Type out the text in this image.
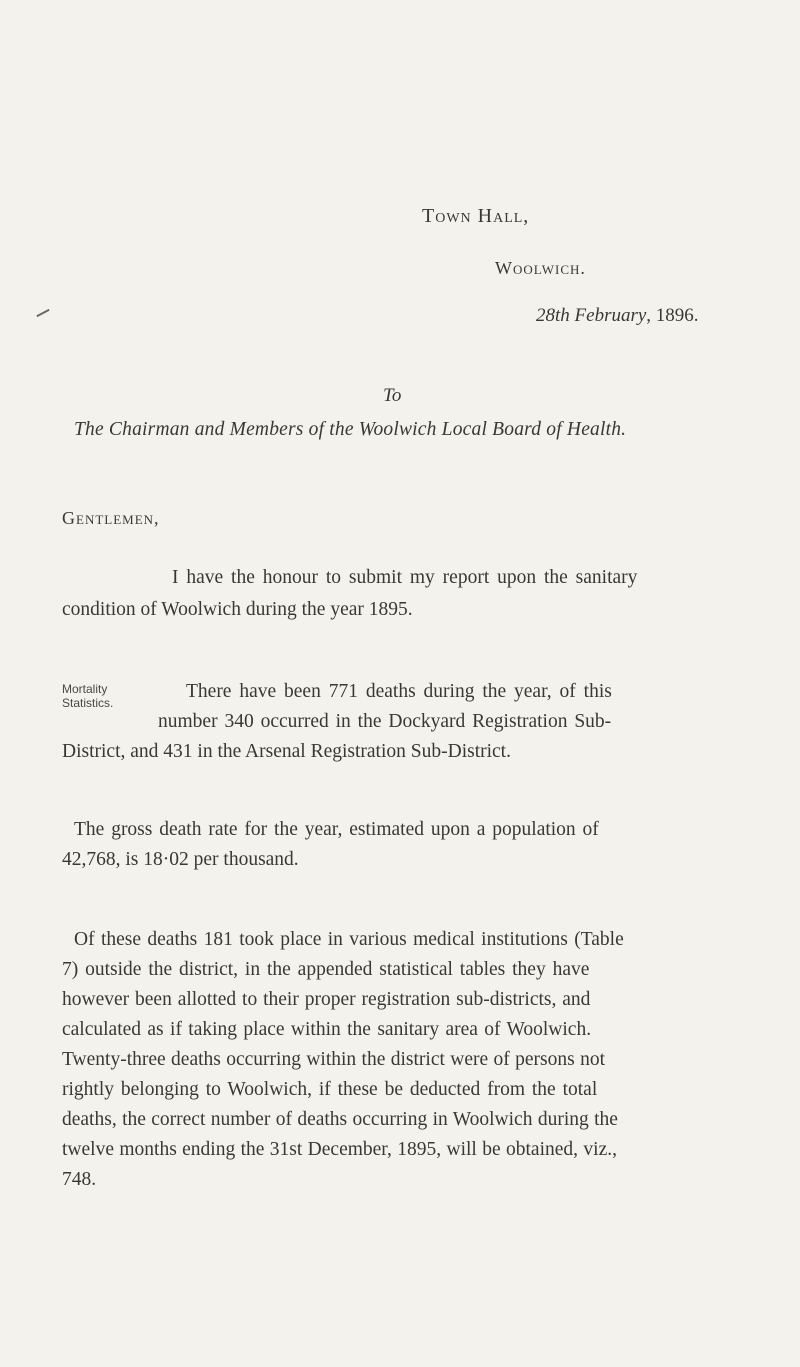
Town Hall,
Woolwich.
28th February, 1896.
To
The Chairman and Members of the Woolwich Local Board of Health.
Gentlemen,
I have the honour to submit my report upon the sanitary
condition of Woolwich during the year 1895.
Mortality
Statistics.
There have been 771 deaths during the year, of this
number 340 occurred in the Dockyard Registration Sub-
District, and 431 in the Arsenal Registration Sub-District.
The gross death rate for the year, estimated upon a population of
42,768, is 18·02 per thousand.
Of these deaths 181 took place in various medical institutions (Table
7) outside the district, in the appended statistical tables they have
however been allotted to their proper registration sub-districts, and
calculated as if taking place within the sanitary area of Woolwich.
Twenty-three deaths occurring within the district were of persons not
rightly belonging to Woolwich, if these be deducted from the total
deaths, the correct number of deaths occurring in Woolwich during the
twelve months ending the 31st December, 1895, will be obtained, viz.,
748.
